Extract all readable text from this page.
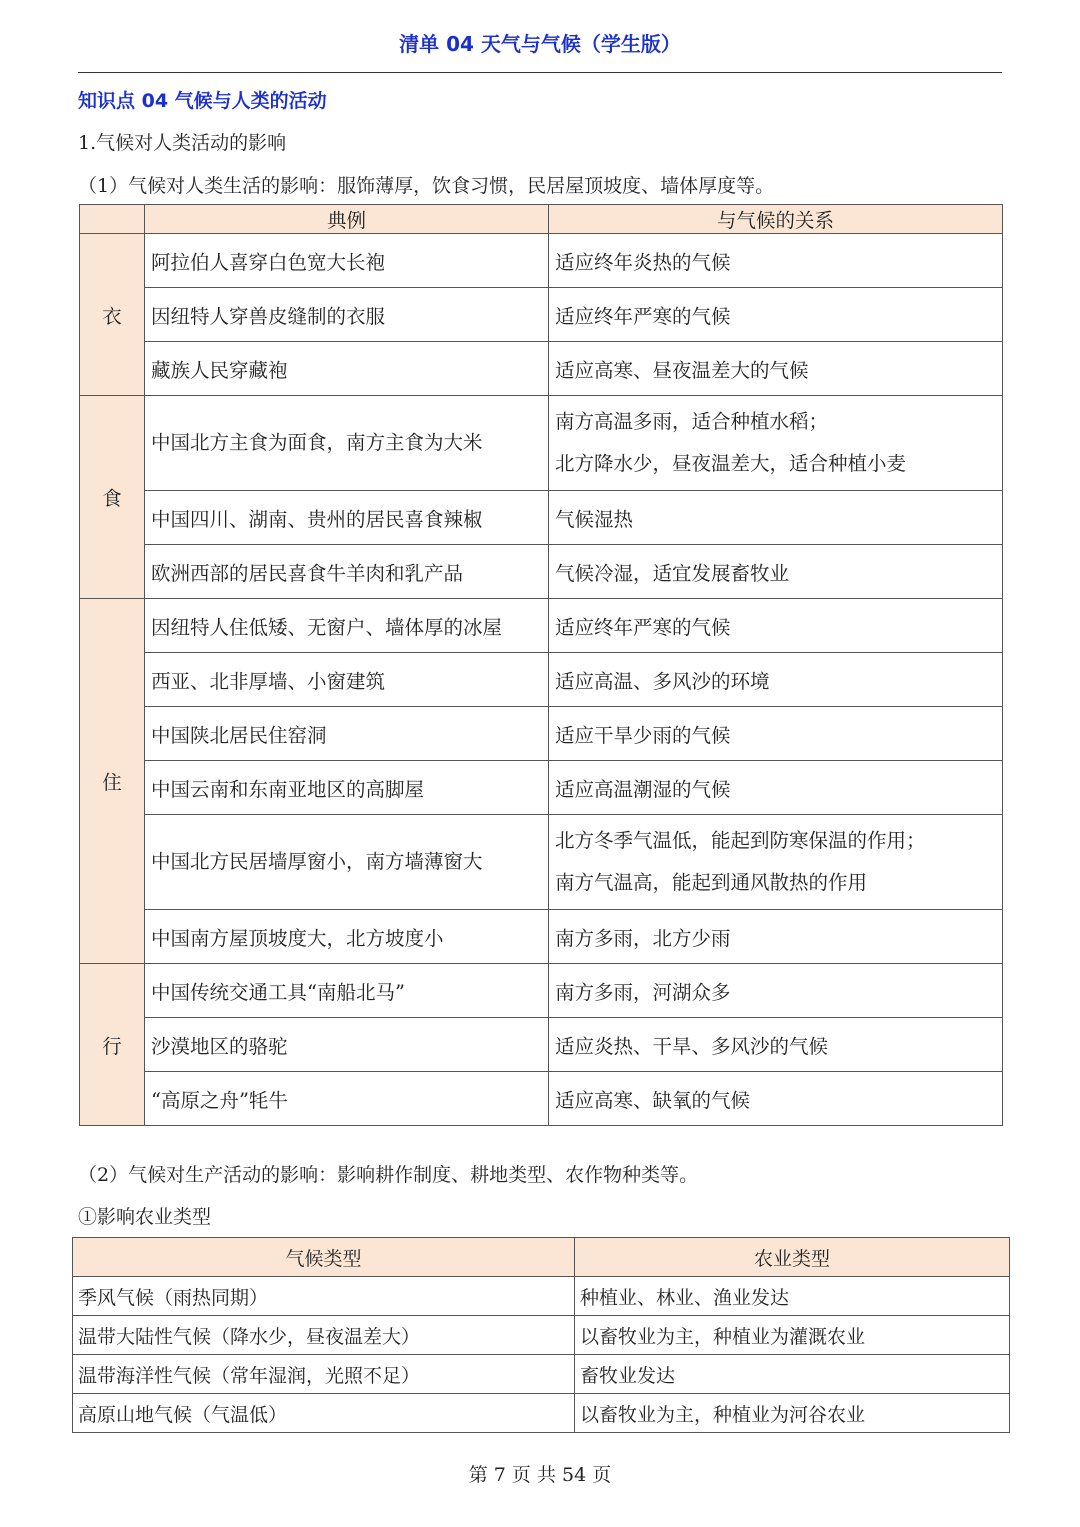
清单 04 天气与气候（学生版）
知识点 04 气候与人类的活动
1.气候对人类活动的影响
（1）气候对人类生活的影响：服饰薄厚，饮食习惯，民居屋顶坡度、墙体厚度等。
	典例	与气候的关系
衣	阿拉伯人喜穿白色宽大长袍	适应终年炎热的气候
	因纽特人穿兽皮缝制的衣服	适应终年严寒的气候
	藏族人民穿藏袍	适应高寒、昼夜温差大的气候
食	中国北方主食为面食，南方主食为大米	南方高温多雨，适合种植水稻；
北方降水少，昼夜温差大，适合种植小麦

	中国四川、湖南、贵州的居民喜食辣椒	气候湿热
	欧洲西部的居民喜食牛羊肉和乳产品	气候冷湿，适宜发展畜牧业
住	因纽特人住低矮、无窗户、墙体厚的冰屋	适应终年严寒的气候
	西亚、北非厚墙、小窗建筑	适应高温、多风沙的环境
	中国陕北居民住窑洞	适应干旱少雨的气候
	中国云南和东南亚地区的高脚屋	适应高温潮湿的气候
	中国北方民居墙厚窗小，南方墙薄窗大	北方冬季气温低，能起到防寒保温的作用；
南方气温高，能起到通风散热的作用

	中国南方屋顶坡度大，北方坡度小	南方多雨，北方少雨
行	中国传统交通工具“南船北马”	南方多雨，河湖众多
	沙漠地区的骆驼	适应炎热、干旱、多风沙的气候
	“高原之舟”牦牛	适应高寒、缺氧的气候
（2）气候对生产活动的影响：影响耕作制度、耕地类型、农作物种类等。
①影响农业类型
气候类型	农业类型
季风气候（雨热同期）	种植业、林业、渔业发达
温带大陆性气候（降水少，昼夜温差大）	以畜牧业为主，种植业为灌溉农业
温带海洋性气候（常年湿润，光照不足）	畜牧业发达
高原山地气候（气温低）	以畜牧业为主，种植业为河谷农业
第 7 页 共 54 页
